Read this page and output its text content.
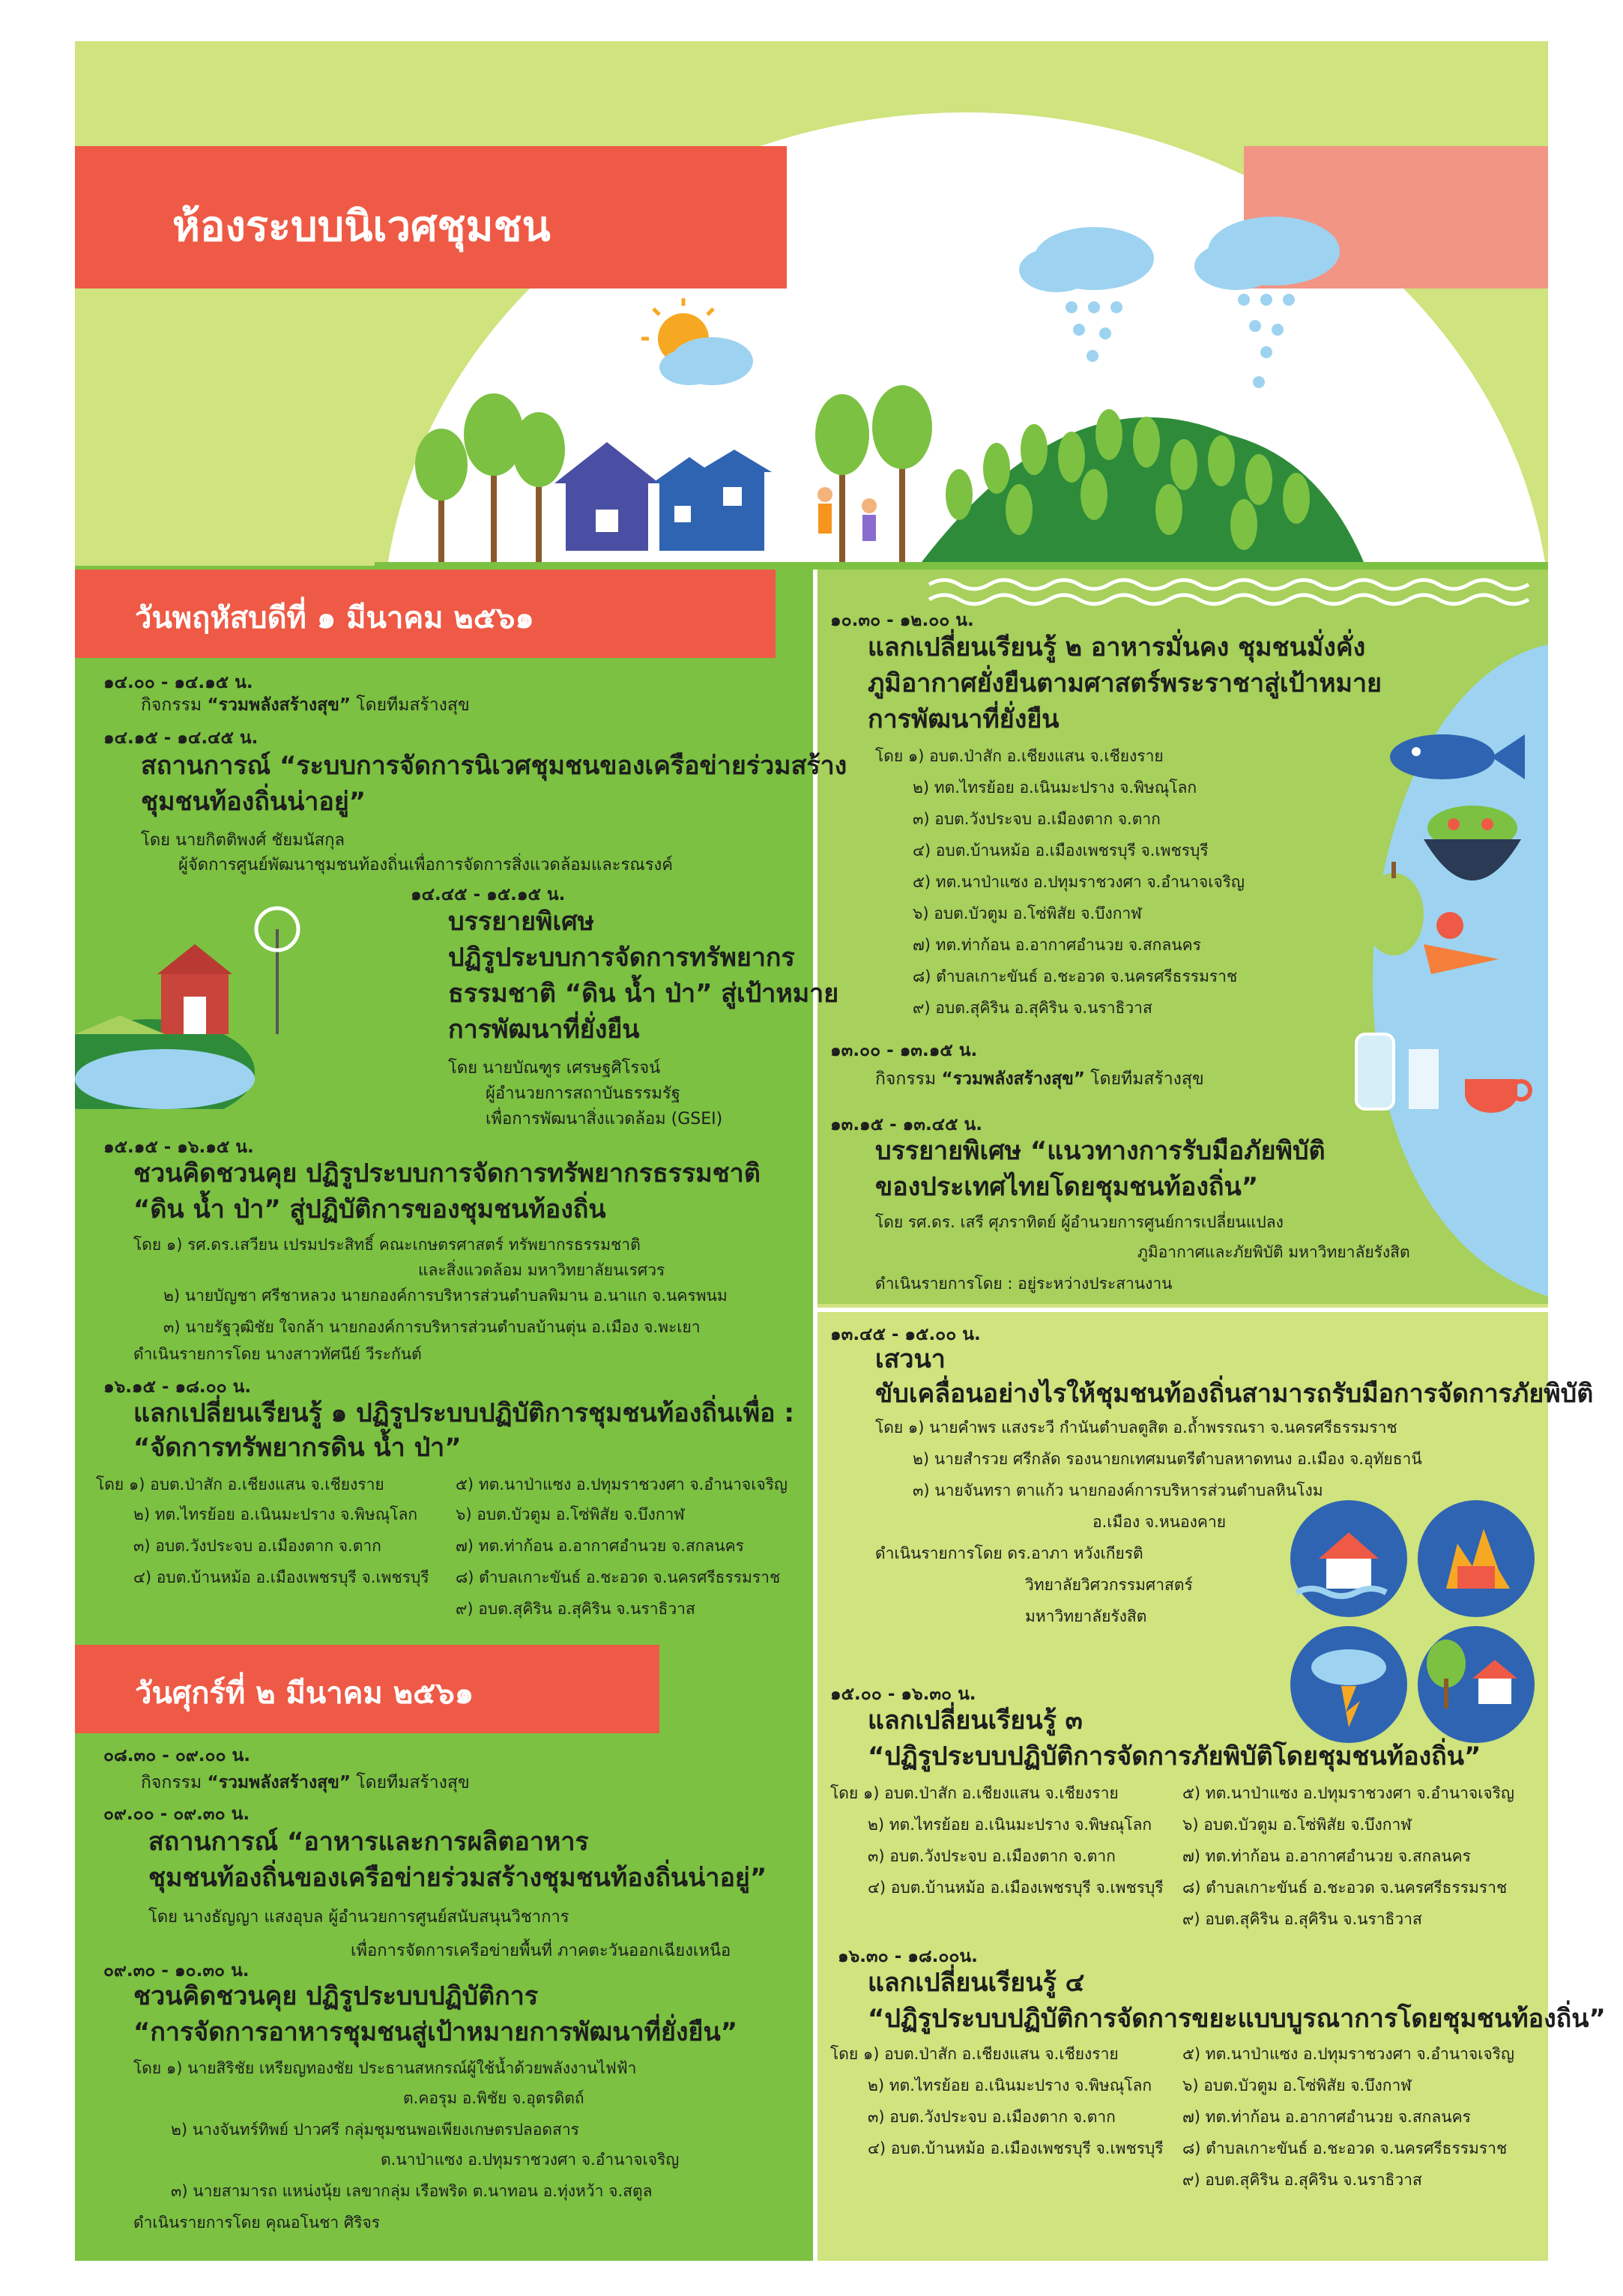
ห้องระบบนิเวศชุมชน
วันพฤหัสบดีที่ ๑ มีนาคม ๒๕๖๑
๑๔.๐๐ - ๑๔.๑๕ น.
กิจกรรม “รวมพลังสร้างสุข” โดยทีมสร้างสุข
๑๔.๑๕ - ๑๔.๔๕ น.
สถานการณ์ “ระบบการจัดการนิเวศชุมชนของเครือข่ายร่วมสร้าง
ชุมชนท้องถิ่นน่าอยู่”
โดย นายกิตติพงศ์ ชัยมนัสกุล
ผู้จัดการศูนย์พัฒนาชุมชนท้องถิ่นเพื่อการจัดการสิ่งแวดล้อมและรณรงค์
๑๔.๔๕ - ๑๕.๑๕ น.
บรรยายพิเศษ
ปฏิรูประบบการจัดการทรัพยากร
ธรรมชาติ “ดิน น้ำ ป่า” สู่เป้าหมาย
การพัฒนาที่ยั่งยืน
โดย นายบัณฑูร เศรษฐศิโรจน์
ผู้อำนวยการสถาบันธรรมรัฐ
เพื่อการพัฒนาสิ่งแวดล้อม (GSEI)
๑๕.๑๕ - ๑๖.๑๕ น.
ชวนคิดชวนคุย ปฏิรูประบบการจัดการทรัพยากรธรรมชาติ
“ดิน น้ำ ป่า” สู่ปฏิบัติการของชุมชนท้องถิ่น
โดย ๑) รศ.ดร.เสวียน เปรมประสิทธิ์ คณะเกษตรศาสตร์ ทรัพยากรธรรมชาติ
และสิ่งแวดล้อม มหาวิทยาลัยนเรศวร
๒) นายบัญชา ศรีชาหลวง นายกองค์การบริหารส่วนตำบลพิมาน อ.นาแก จ.นครพนม
๓) นายรัฐวุฒิชัย ใจกล้า นายกองค์การบริหารส่วนตำบลบ้านตุ่น อ.เมือง จ.พะเยา
ดำเนินรายการโดย นางสาวทัศนีย์ วีระกันต์
๑๖.๑๕ - ๑๘.๐๐ น.
แลกเปลี่ยนเรียนรู้ ๑ ปฏิรูประบบปฏิบัติการชุมชนท้องถิ่นเพื่อ :
“จัดการทรัพยากรดิน น้ำ ป่า”
โดย ๑) อบต.ป่าสัก อ.เชียงแสน จ.เชียงราย
๒) ทต.ไทรย้อย อ.เนินมะปราง จ.พิษณุโลก
๓) อบต.วังประจบ อ.เมืองตาก จ.ตาก
๔) อบต.บ้านหม้อ อ.เมืองเพชรบุรี จ.เพชรบุรี
๕) ทต.นาป่าแซง อ.ปทุมราชวงศา จ.อำนาจเจริญ
๖) อบต.บัวตูม อ.โซ่พิสัย จ.บึงกาฬ
๗) ทต.ท่าก้อน อ.อากาศอำนวย จ.สกลนคร
๘) ตำบลเกาะขันธ์ อ.ชะอวด จ.นครศรีธรรมราช
๙) อบต.สุคิริน อ.สุคิริน จ.นราธิวาส
วันศุกร์ที่ ๒ มีนาคม ๒๕๖๑
๐๘.๓๐ - ๐๙.๐๐ น.
กิจกรรม “รวมพลังสร้างสุข” โดยทีมสร้างสุข
๐๙.๐๐ - ๐๙.๓๐ น.
สถานการณ์ “อาหารและการผลิตอาหาร
ชุมชนท้องถิ่นของเครือข่ายร่วมสร้างชุมชนท้องถิ่นน่าอยู่”
โดย นางธัญญา แสงอุบล ผู้อำนวยการศูนย์สนับสนุนวิชาการ
เพื่อการจัดการเครือข่ายพื้นที่ ภาคตะวันออกเฉียงเหนือ
๐๙.๓๐ - ๑๐.๓๐ น.
ชวนคิดชวนคุย ปฏิรูประบบปฏิบัติการ
“การจัดการอาหารชุมชนสู่เป้าหมายการพัฒนาที่ยั่งยืน”
โดย ๑) นายสิริชัย เหรียญทองชัย ประธานสหกรณ์ผู้ใช้น้ำด้วยพลังงานไฟฟ้า
ต.คอรุม อ.พิชัย จ.อุตรดิตถ์
๒) นางจันทร์ทิพย์ ปาวศรี กลุ่มชุมชนพอเพียงเกษตรปลอดสาร
ต.นาป่าแซง อ.ปทุมราชวงศา จ.อำนาจเจริญ
๓) นายสามารถ แหน่งนุ้ย เลขากลุ่ม เรือพริด ต.นาทอน อ.ทุ่งหว้า จ.สตูล
ดำเนินรายการโดย คุณอโนชา ศิริจร
๑๐.๓๐ - ๑๒.๐๐ น.
แลกเปลี่ยนเรียนรู้ ๒ อาหารมั่นคง ชุมชนมั่งคั่ง
ภูมิอากาศยั่งยืนตามศาสตร์พระราชาสู่เป้าหมาย
การพัฒนาที่ยั่งยืน
โดย ๑) อบต.ป่าสัก อ.เชียงแสน จ.เชียงราย
๒) ทต.ไทรย้อย อ.เนินมะปราง จ.พิษณุโลก
๓) อบต.วังประจบ อ.เมืองตาก จ.ตาก
๔) อบต.บ้านหม้อ อ.เมืองเพชรบุรี จ.เพชรบุรี
๕) ทต.นาป่าแซง อ.ปทุมราชวงศา จ.อำนาจเจริญ
๖) อบต.บัวตูม อ.โซ่พิสัย จ.บึงกาฬ
๗) ทต.ท่าก้อน อ.อากาศอำนวย จ.สกลนคร
๘) ตำบลเกาะขันธ์ อ.ชะอวด จ.นครศรีธรรมราช
๙) อบต.สุคิริน อ.สุคิริน จ.นราธิวาส
๑๓.๐๐ - ๑๓.๑๕ น.
กิจกรรม “รวมพลังสร้างสุข” โดยทีมสร้างสุข
๑๓.๑๕ - ๑๓.๔๕ น.
บรรยายพิเศษ “แนวทางการรับมือภัยพิบัติ
ของประเทศไทยโดยชุมชนท้องถิ่น”
โดย รศ.ดร. เสรี ศุภราทิตย์ ผู้อำนวยการศูนย์การเปลี่ยนแปลง
ภูมิอากาศและภัยพิบัติ มหาวิทยาลัยรังสิต
ดำเนินรายการโดย : อยู่ระหว่างประสานงาน
๑๓.๔๕ - ๑๕.๐๐ น.
เสวนา
ขับเคลื่อนอย่างไรให้ชุมชนท้องถิ่นสามารถรับมือการจัดการภัยพิบัติ
โดย ๑) นายคำพร แสงระวี กำนันตำบลตูสิต อ.ถ้ำพรรณรา จ.นครศรีธรรมราช
๒) นายสำรวย ศรีกลัด รองนายกเทศมนตรีตำบลหาดทนง อ.เมือง จ.อุทัยธานี
๓) นายจันทรา ตาแก้ว นายกองค์การบริหารส่วนตำบลหินโงม
อ.เมือง จ.หนองคาย
ดำเนินรายการโดย ดร.อาภา หวังเกียรติ
วิทยาลัยวิศวกรรมศาสตร์
มหาวิทยาลัยรังสิต
๑๕.๐๐ - ๑๖.๓๐ น.
แลกเปลี่ยนเรียนรู้ ๓
“ปฏิรูประบบปฏิบัติการจัดการภัยพิบัติโดยชุมชนท้องถิ่น”
โดย ๑) อบต.ป่าสัก อ.เชียงแสน จ.เชียงราย
๒) ทต.ไทรย้อย อ.เนินมะปราง จ.พิษณุโลก
๓) อบต.วังประจบ อ.เมืองตาก จ.ตาก
๔) อบต.บ้านหม้อ อ.เมืองเพชรบุรี จ.เพชรบุรี
๕) ทต.นาป่าแซง อ.ปทุมราชวงศา จ.อำนาจเจริญ
๖) อบต.บัวตูม อ.โซ่พิสัย จ.บึงกาฬ
๗) ทต.ท่าก้อน อ.อากาศอำนวย จ.สกลนคร
๘) ตำบลเกาะขันธ์ อ.ชะอวด จ.นครศรีธรรมราช
๙) อบต.สุคิริน อ.สุคิริน จ.นราธิวาส
๑๖.๓๐ - ๑๘.๐๐น.
แลกเปลี่ยนเรียนรู้ ๔
“ปฏิรูประบบปฏิบัติการจัดการขยะแบบบูรณาการโดยชุมชนท้องถิ่น”
โดย ๑) อบต.ป่าสัก อ.เชียงแสน จ.เชียงราย
๒) ทต.ไทรย้อย อ.เนินมะปราง จ.พิษณุโลก
๓) อบต.วังประจบ อ.เมืองตาก จ.ตาก
๔) อบต.บ้านหม้อ อ.เมืองเพชรบุรี จ.เพชรบุรี
๕) ทต.นาป่าแซง อ.ปทุมราชวงศา จ.อำนาจเจริญ
๖) อบต.บัวตูม อ.โซ่พิสัย จ.บึงกาฬ
๗) ทต.ท่าก้อน อ.อากาศอำนวย จ.สกลนคร
๘) ตำบลเกาะขันธ์ อ.ชะอวด จ.นครศรีธรรมราช
๙) อบต.สุคิริน อ.สุคิริน จ.นราธิวาส
